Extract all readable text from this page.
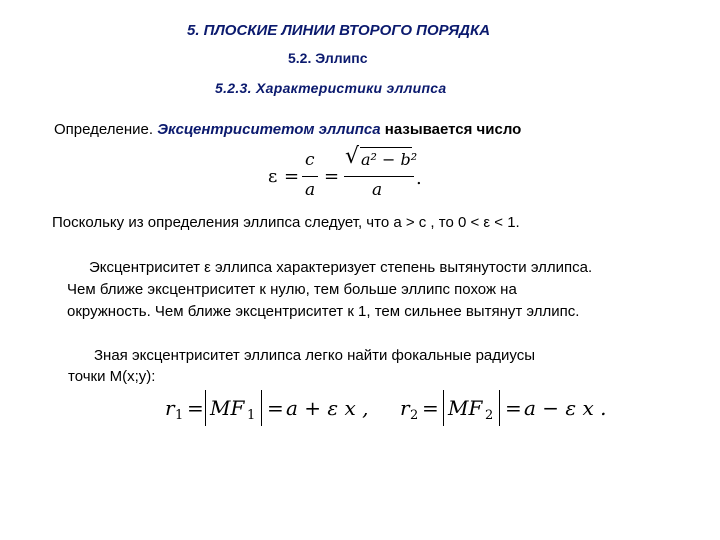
5. ПЛОСКИЕ ЛИНИИ ВТОРОГО ПОРЯДКА
5.2. Эллипс
5.2.3. Характеристики эллипса
Определение. Эксцентриситетом эллипса называется число
ε =
c
a
=
√ a² − b²
a
.
Поскольку из определения эллипса следует, что a > c , то 0 < ε < 1.
Эксцентриситет ε эллипса характеризует степень вытянутости эллипса.
Чем ближе эксцентриситет к нулю, тем больше эллипс похож на
окружность. Чем ближе эксцентриситет к 1, тем сильнее вытянут эллипс.
Зная эксцентриситет эллипса легко найти фокальные радиусы
точки M(x;y):
r 1 = MF 1 = a + ε x , r 2 = MF 2 = a − ε x .
